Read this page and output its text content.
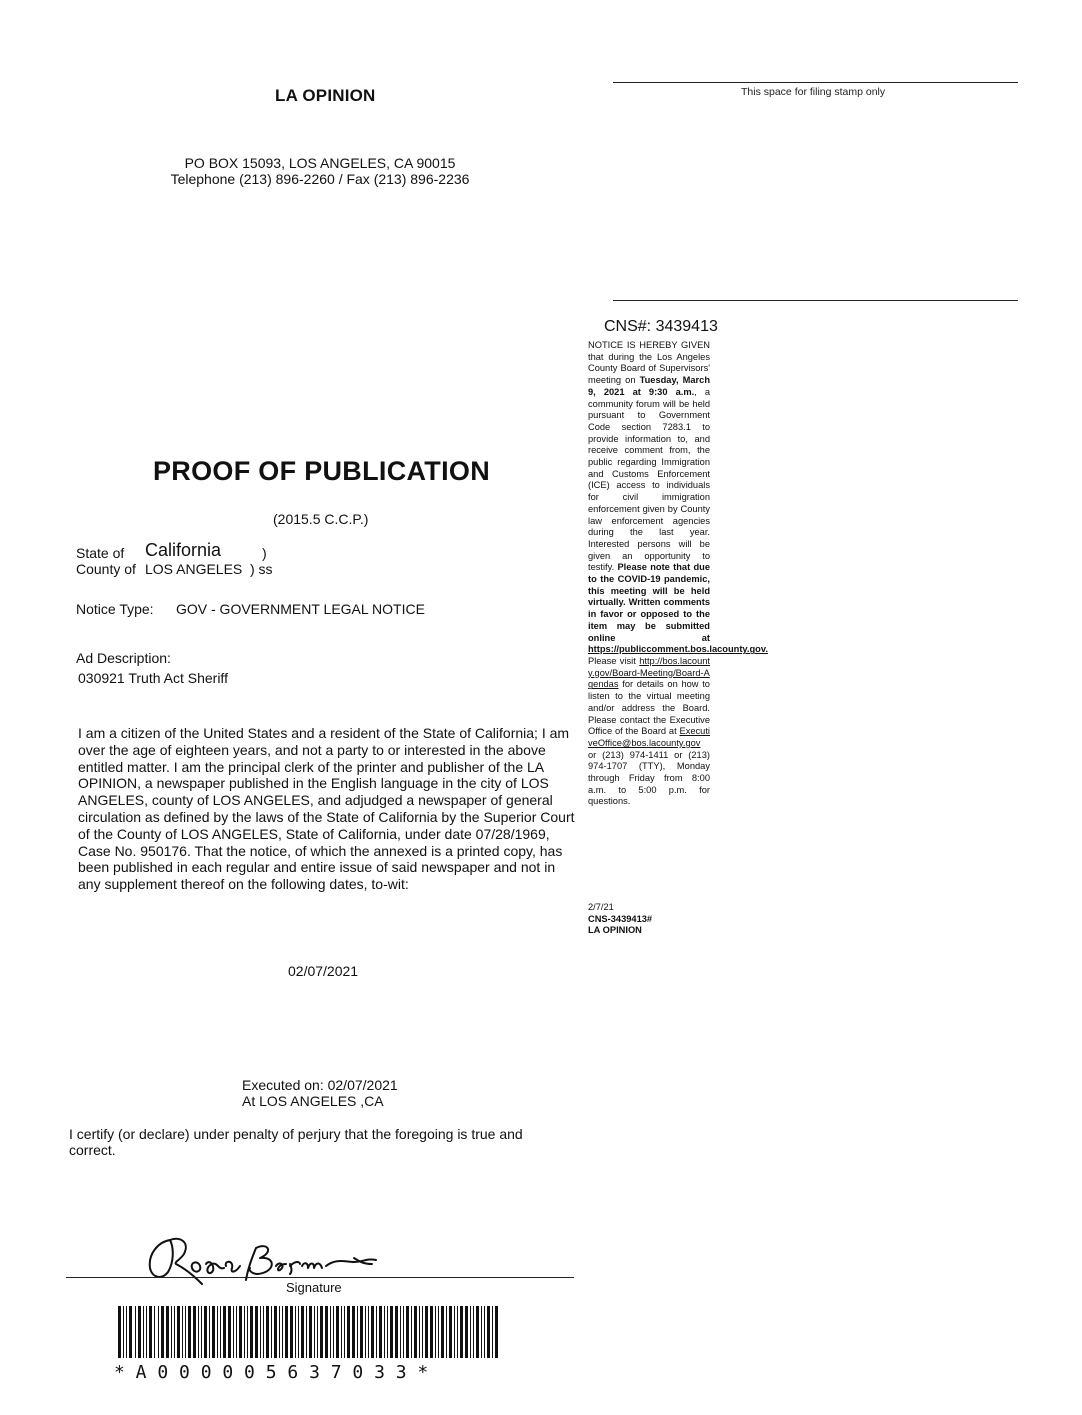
LA OPINION	This space for filing stamp only
PO BOX 15093, LOS ANGELES, CA 90015
Telephone (213) 896-2260 / Fax (213) 896-2236
PROOF OF PUBLICATION
(2015.5 C.C.P.)
State of California	)
County of LOS ANGELES ) ss
Notice Type: GOV - GOVERNMENT LEGAL NOTICE
Ad Description:
030921 Truth Act Sheriff
I am a citizen of the United States and a resident of the State of California; I am over the age of eighteen years, and not a party to or interested in the above entitled matter. I am the principal clerk of the printer and publisher of the LA OPINION, a newspaper published in the English language in the city of LOS ANGELES, county of LOS ANGELES, and adjudged a newspaper of general circulation as defined by the laws of the State of California by the Superior Court of the County of LOS ANGELES, State of California, under date 07/28/1969, Case No. 950176. That the notice, of which the annexed is a printed copy, has been published in each regular and entire issue of said newspaper and not in any supplement thereof on the following dates, to-wit:
02/07/2021
Executed on: 02/07/2021
At LOS ANGELES ,CA
I certify (or declare) under penalty of perjury that the foregoing is true and correct.
Signature
* A 0 0 0 0 0 5 6 3 7 0 3 3 *
CNS#: 3439413
NOTICE IS HEREBY GIVEN that during the Los Angeles County Board of Supervisors' meeting on Tuesday, March 9, 2021 at 9:30 a.m., a community forum will be held pursuant to Government Code section 7283.1 to provide information to, and receive comment from, the public regarding Immigration and Customs Enforcement (ICE) access to individuals for civil immigration enforcement given by County law enforcement agencies during the last year. Interested persons will be given an opportunity to testify. Please note that due to the COVID-19 pandemic, this meeting will be held virtually. Written comments in favor or opposed to the item may be submitted online at https://publiccomment.bos.lacounty.gov. Please visit http://bos.lacounty.gov/Board-Meeting/Board-Agendas for details on how to listen to the virtual meeting and/or address the Board. Please contact the Executive Office of the Board at ExecutiveOffice@bos.lacounty.gov or (213) 974-1411 or (213) 974-1707 (TTY), Monday through Friday from 8:00 a.m. to 5:00 p.m. for questions.
2/7/21
CNS-3439413#
LA OPINION
